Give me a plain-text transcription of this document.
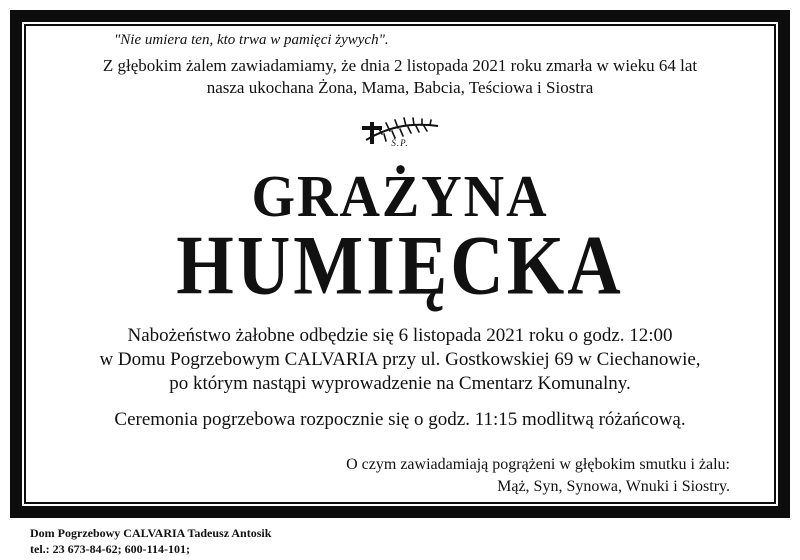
"Nie umiera ten, kto trwa w pamięci żywych".
Z głębokim żalem zawiadamiamy, że dnia 2 listopada 2021 roku zmarła w wieku 64 lat
nasza ukochana Żona, Mama, Babcia, Teściowa i Siostra
Ś.P.
GRAŻYNA
HUMIĘCKA
Nabożeństwo żałobne odbędzie się 6 listopada 2021 roku o godz. 12:00
w Domu Pogrzebowym CALVARIA przy ul. Gostkowskiej 69 w Ciechanowie,
po którym nastąpi wyprowadzenie na Cmentarz Komunalny.
Ceremonia pogrzebowa rozpocznie się o godz. 11:15 modlitwą różańcową.
O czym zawiadamiają pogrążeni w głębokim smutku i żalu:
Mąż, Syn, Synowa, Wnuki i Siostry.
Dom Pogrzebowy CALVARIA Tadeusz Antosik
tel.: 23 673-84-62; 600-114-101;
